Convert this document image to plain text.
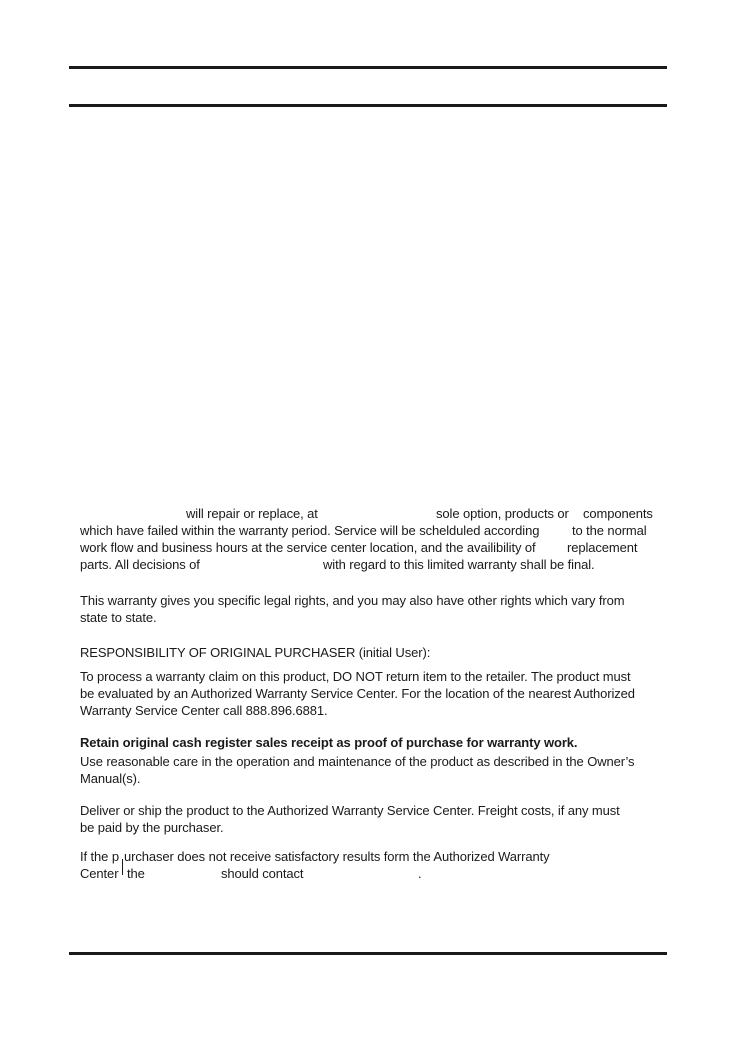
will repair or replace, at	sole option, products or components
which have failed within the warranty period. Service will be schelduled according	to the normal
work flow and business hours at the service center location, and the availibility of replacement
parts. All decisions of	with regard to this limited warranty shall be final.
This warranty gives you specific legal rights, and you may also have other rights which vary from
state to state.
RESPONSIBILITY OF ORIGINAL PURCHASER (initial User):
To process a warranty claim on this product, DO NOT return item to the retailer. The product must
be evaluated by an Authorized Warranty Service Center. For the location of the nearest Authorized
Warranty Service Center call 888.896.6881.
Retain original cash register sales receipt as proof of purchase for warranty work.
Use reasonable care in the operation and maintenance of the product as described in the Owner’s
Manual(s).
Deliver or ship the product to the Authorized Warranty Service Center. Freight costs, if any must
be paid by the purchaser.
If the p urchaser does not receive satisfactory results form the Authorized Warranty
Center the	should contact	.
